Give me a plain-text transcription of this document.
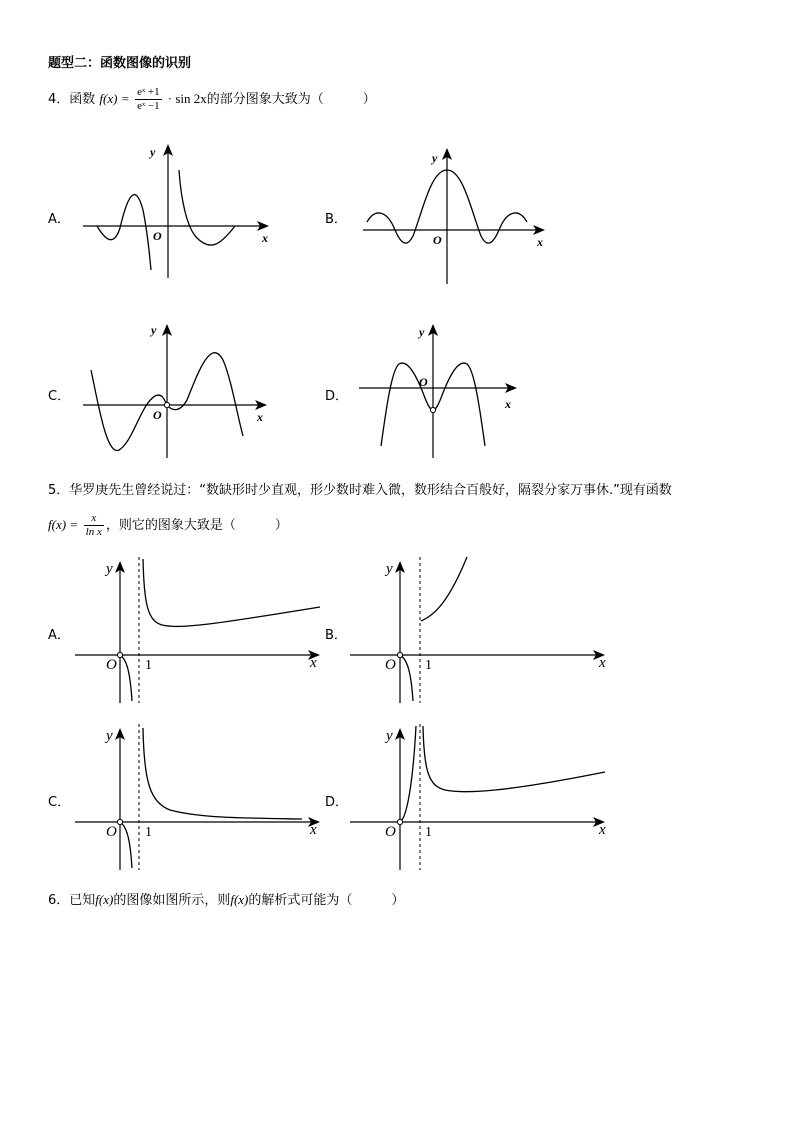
题型二：函数图像的识别
4．函数 $f(x) = \frac{\text{eˣ +1}}{\text{eˣ −1}} \cdot \sin 2x$的部分图象大致为（　　　）
A．	B．
C．	D．
x
y
O	x
y
O
x
y
O
x
y
O
5．华罗庚先生曾经说过：“数缺形时少直观，形少数时难入微，数形结合百般好，隔裂分家万事休.”现有函数
$f(x) = \frac{x}{\text{ln x}}$ ，则它的图象大致是（　　　）
A．	B．
C．	D．
x
y
O 1	x
y
O 1
x
y
O 1	x
y
O 1
6．已知f(x)的图像如图所示，则f(x)的解析式可能为（　　　）
